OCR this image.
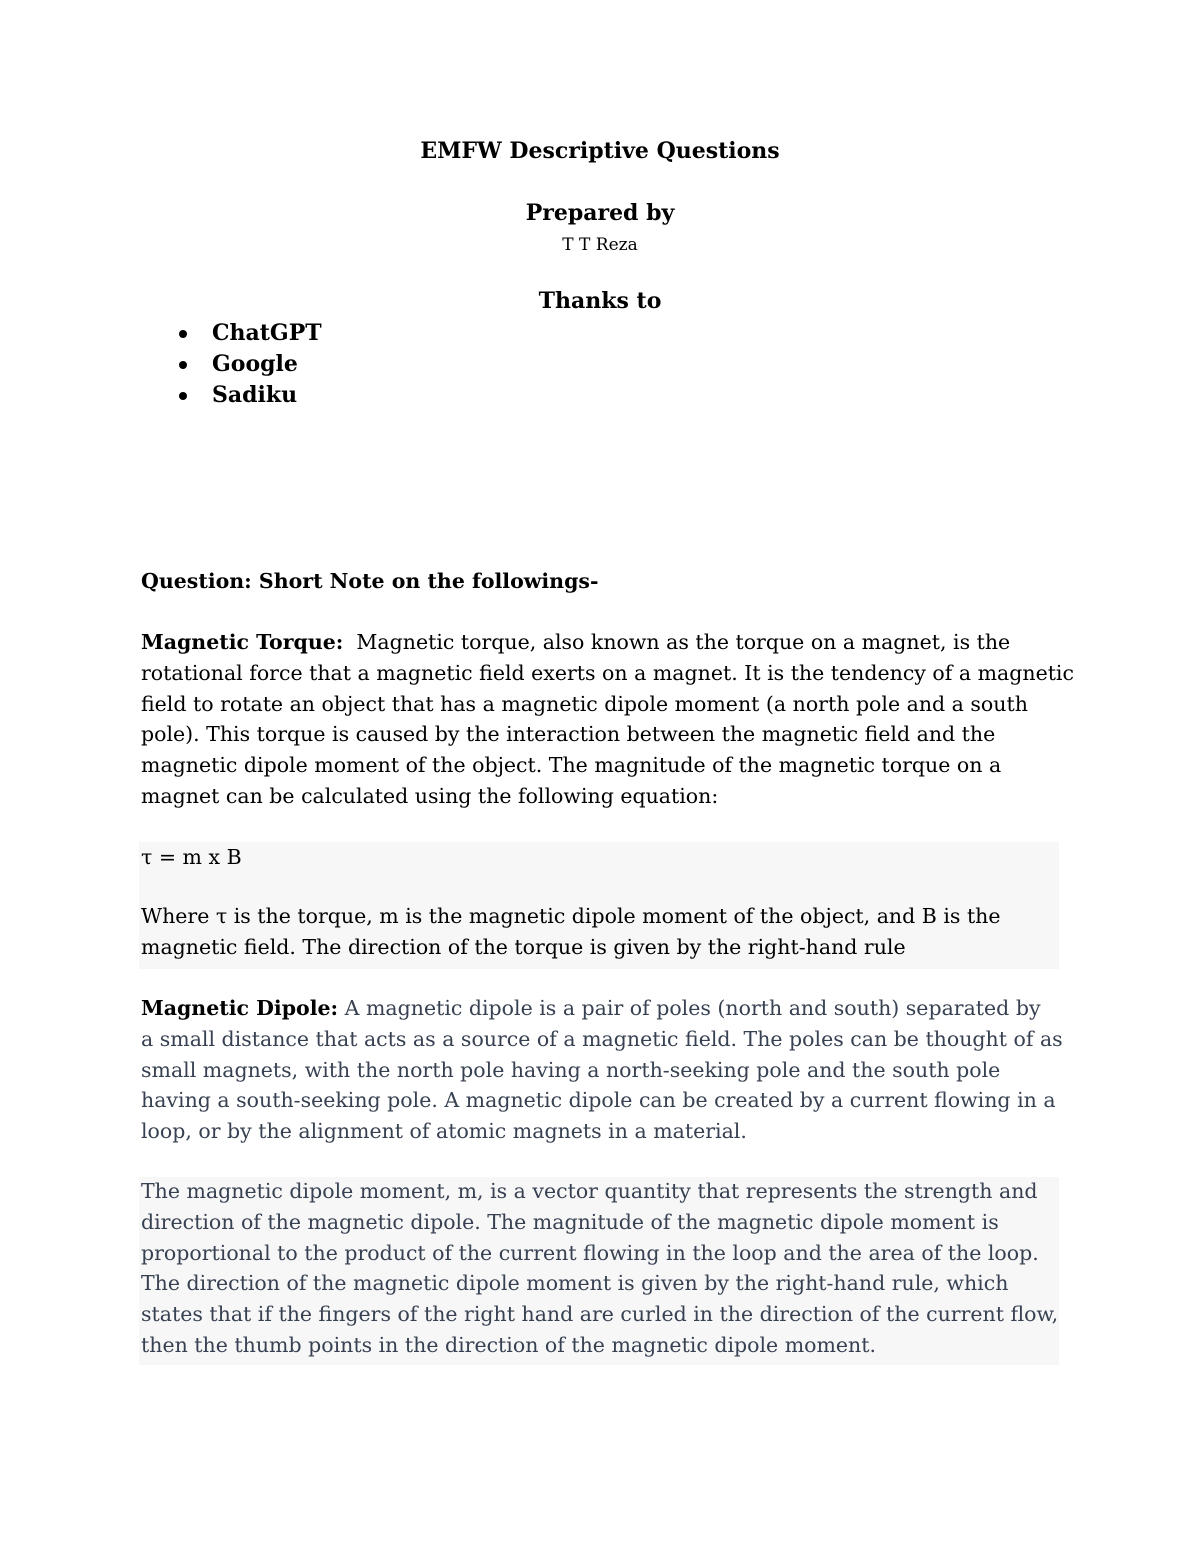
EMFW Descriptive Questions
Prepared by
T T Reza
Thanks to
ChatGPT
Google
Sadiku
Question: Short Note on the followings-
Magnetic Torque: Magnetic torque, also known as the torque on a magnet, is the
rotational force that a magnetic field exerts on a magnet. It is the tendency of a magnetic
field to rotate an object that has a magnetic dipole moment (a north pole and a south
pole). This torque is caused by the interaction between the magnetic field and the
magnetic dipole moment of the object. The magnitude of the magnetic torque on a
magnet can be calculated using the following equation:
τ = m x B
Where τ is the torque, m is the magnetic dipole moment of the object, and B is the
magnetic field. The direction of the torque is given by the right-hand rule
Magnetic Dipole: A magnetic dipole is a pair of poles (north and south) separated by
a small distance that acts as a source of a magnetic field. The poles can be thought of as
small magnets, with the north pole having a north-seeking pole and the south pole
having a south-seeking pole. A magnetic dipole can be created by a current flowing in a
loop, or by the alignment of atomic magnets in a material.
The magnetic dipole moment, m, is a vector quantity that represents the strength and
direction of the magnetic dipole. The magnitude of the magnetic dipole moment is
proportional to the product of the current flowing in the loop and the area of the loop.
The direction of the magnetic dipole moment is given by the right-hand rule, which
states that if the fingers of the right hand are curled in the direction of the current flow,
then the thumb points in the direction of the magnetic dipole moment.
